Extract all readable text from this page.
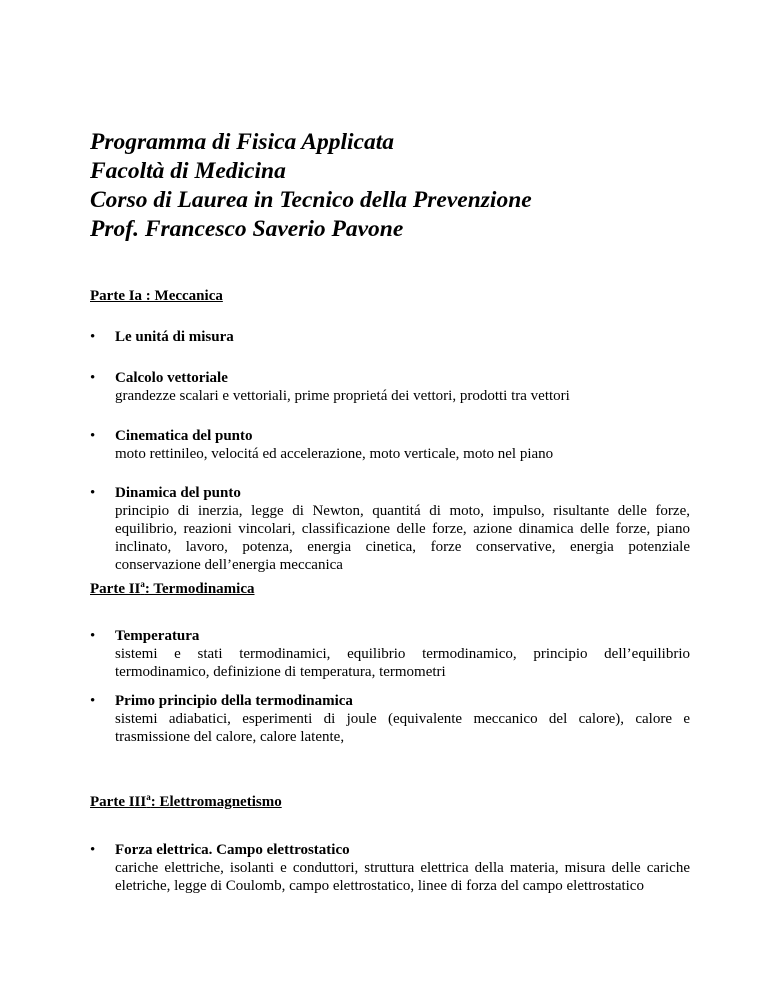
Programma di Fisica Applicata
Facoltà di Medicina
Corso di Laurea in Tecnico della Prevenzione
Prof. Francesco Saverio Pavone
Parte Ia : Meccanica
•
Le unitá di misura
•
Calcolo vettoriale
grandezze scalari e vettoriali, prime proprietá dei vettori, prodotti tra vettori
•
Cinematica del punto
moto rettinileo, velocitá ed accelerazione, moto verticale, moto nel piano
•
Dinamica del punto
principio di inerzia, legge di Newton, quantitá di moto, impulso, risultante delle forze, equilibrio, reazioni vincolari, classificazione delle forze, azione dinamica delle forze, piano inclinato, lavoro, potenza, energia cinetica, forze conservative, energia potenziale conservazione dell’energia meccanica
Parte $II^a$: Termodinamica
•
Temperatura
sistemi e stati termodinamici, equilibrio termodinamico, principio dell’equilibrio termodinamico, definizione di temperatura, termometri
•
Primo principio della termodinamica
sistemi adiabatici, esperimenti di joule (equivalente meccanico del calore), calore e trasmissione del calore, calore latente,
Parte III$^a$: Elettromagnetismo
•
Forza elettrica. Campo elettrostatico
cariche elettriche, isolanti e conduttori, struttura elettrica della materia, misura delle cariche eletriche, legge di Coulomb, campo elettrostatico, linee di forza del campo elettrostatico
